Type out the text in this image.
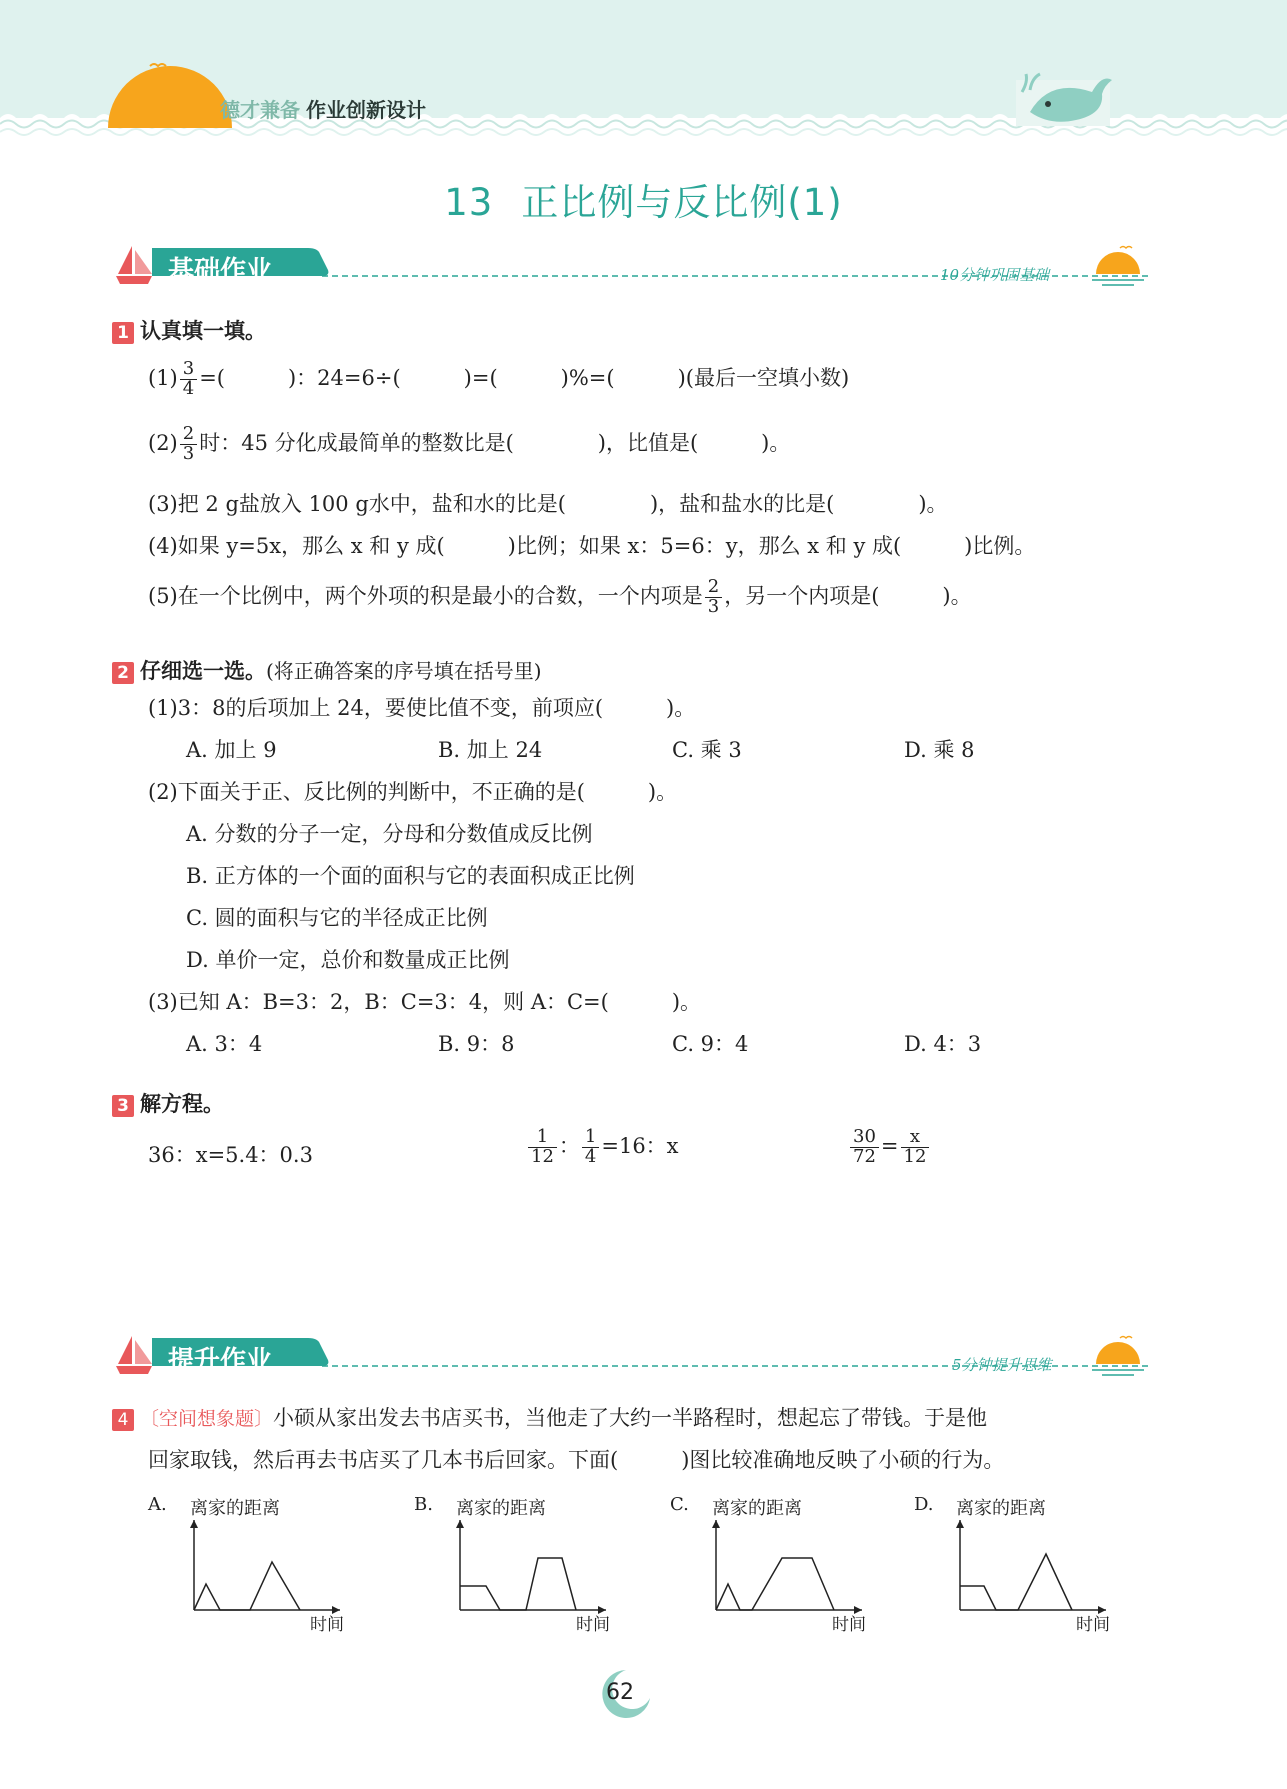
德才兼备 作业创新设计
13 正比例与反比例(1)
基础作业	10分钟巩固基础
1 认真填一填。
$(1) \frac{3}{4}$ =(　　　)：24=6÷(　　　)=(　　　)%=(　　　)(最后一空填小数)
$(2) \frac{2}{3}$ 时：45 分化成最简单的整数比是(　　　　)，比值是(　　　)。
(3)把 2 g盐放入 100 g水中，盐和水的比是(　　　　)，盐和盐水的比是(　　　　)。
(4)如果 y=5x，那么 x 和 y 成(　　　)比例；如果 x：5=6：y，那么 x 和 y 成(　　　)比例。
(5)在一个比例中，两个外项的积是最小的合数，一个内项是 $\frac{2}{3}$ ，另一个内项是(　　　)。
2 仔细选一选。(将正确答案的序号填在括号里)
(1)3：8的后项加上 24，要使比值不变，前项应(　　　)。
A. 加上 9	B. 加上 24	C. 乘 3	D. 乘 8
(2)下面关于正、反比例的判断中，不正确的是(　　　)。
A. 分数的分子一定，分母和分数值成反比例
B. 正方体的一个面的面积与它的表面积成正比例
C. 圆的面积与它的半径成正比例
D. 单价一定，总价和数量成正比例
(3)已知 A：B=3：2，B：C=3：4，则 A：C=(　　　)。
A. 3：4	B. 9：8	C. 9：4	D. 4：3
3 解方程。
36：x=5.4：0.3	$\frac{1}{12}$ ： $\frac{1}{4} =16$：x	$\frac{30}{72} = \frac{x}{12}$
提升作业	5分钟提升思维
4 〔空间想象题〕小硕从家出发去书店买书，当他走了大约一半路程时，想起忘了带钱。于是他
回家取钱，然后再去书店买了几本书后回家。下面(　　　)图比较准确地反映了小硕的行为。
A. 离家的距离
时间
B. 离家的距离
时间
C. 离家的距离
时间
D. 离家的距离
时间
62
